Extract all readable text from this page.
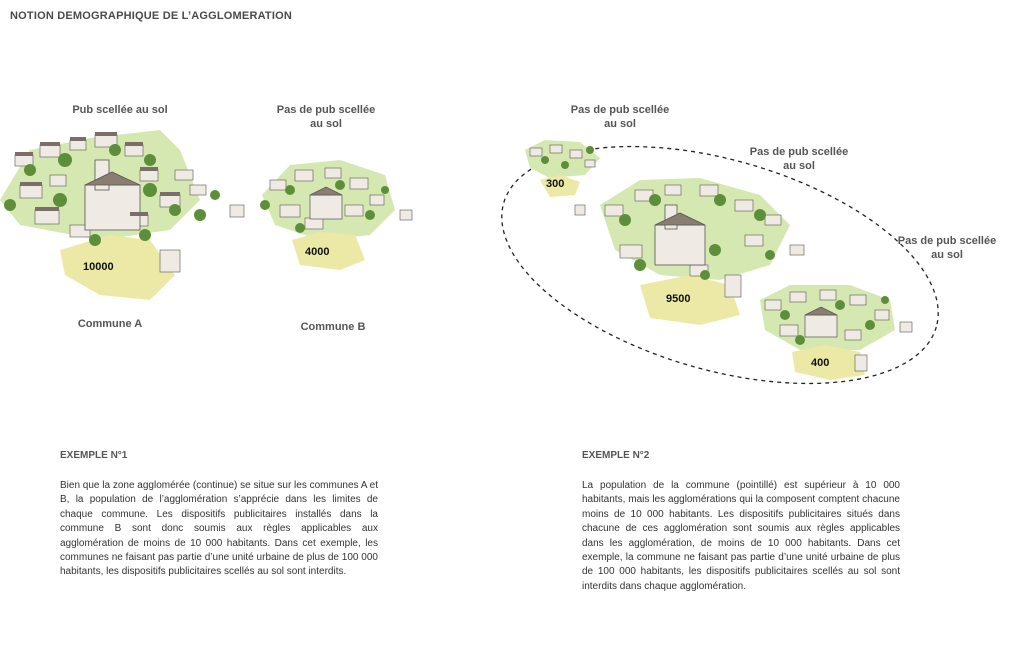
NOTION DEMOGRAPHIQUE DE L’AGGLOMERATION
Pub scellée au sol	Pas de pub scellée
au sol
10000
4000
Commune A	Commune B
Pas de pub scellée
au sol
Pas de pub scellée
au sol
Pas de pub scellée
au sol
300
9500
400
EXEMPLE N°1
Bien que la zone agglomérée (continue) se situe sur les communes A et B, la population de l’agglomération s’apprécie dans les limites de chaque commune. Les dispositifs publicitaires installés dans la commune B sont donc soumis aux règles applicables aux agglomération de moins de 10 000 habitants. Dans cet exemple, les communes ne faisant pas partie d’une unité urbaine de plus de 100 000 habitants, les dispositifs publicitaires scellés au sol sont interdits.
EXEMPLE N°2
La population de la commune (pointillé) est supérieur à 10 000 habitants, mais les agglomérations qui la composent comptent chacune moins de 10 000 habitants. Les dispositifs publicitaires situés dans chacune de ces agglomération sont soumis aux règles applicables dans les agglomération, de moins de 10 000 habitants. Dans cet exemple, la commune ne faisant pas partie d’une unité urbaine de plus de 100 000 habitants, les dispositifs publicitaires scellés au sol sont interdits dans chaque agglomération.
